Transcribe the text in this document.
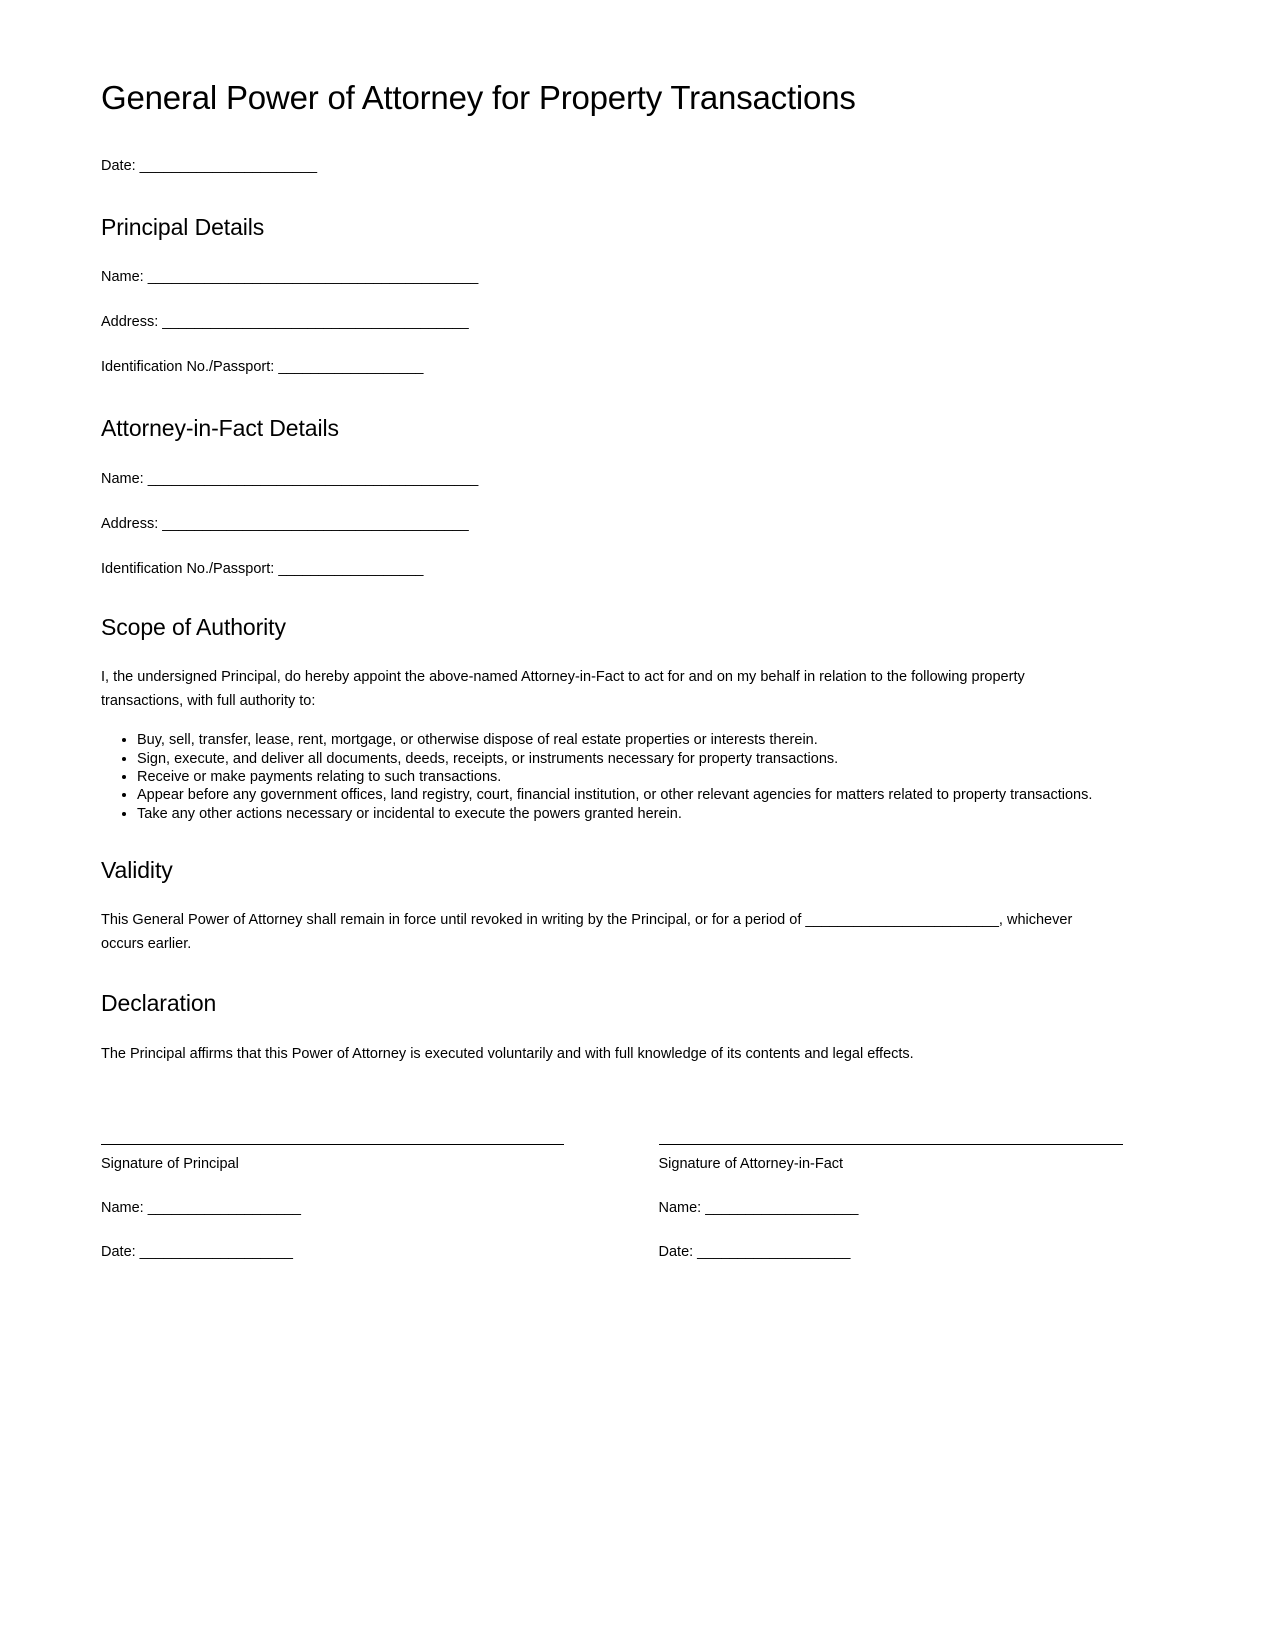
General Power of Attorney for Property Transactions
Date: ______________________
Principal Details
Name: _________________________________________
Address: ______________________________________
Identification No./Passport: __________________
Attorney-in-Fact Details
Name: _________________________________________
Address: ______________________________________
Identification No./Passport: __________________
Scope of Authority

I, the undersigned Principal, do hereby appoint the above-named Attorney-in-Fact to act for and on my behalf in relation to the following property transactions, with full authority to:

• Buy, sell, transfer, lease, rent, mortgage, or otherwise dispose of real estate properties or interests therein.
• Sign, execute, and deliver all documents, deeds, receipts, or instruments necessary for property transactions.
• Receive or make payments relating to such transactions.
• Appear before any government offices, land registry, court, financial institution, or other relevant agencies for matters related to property transactions.
• Take any other actions necessary or incidental to execute the powers granted herein.
Validity

This General Power of Attorney shall remain in force until revoked in writing by the Principal, or for a period of ________________________, whichever occurs earlier.

Declaration

The Principal affirms that this Power of Attorney is executed voluntarily and with full knowledge of its contents and legal effects.

Signature of Principal
Name: ___________________
Date: ___________________
Signature of Attorney-in-Fact
Name: ___________________
Date: ___________________
